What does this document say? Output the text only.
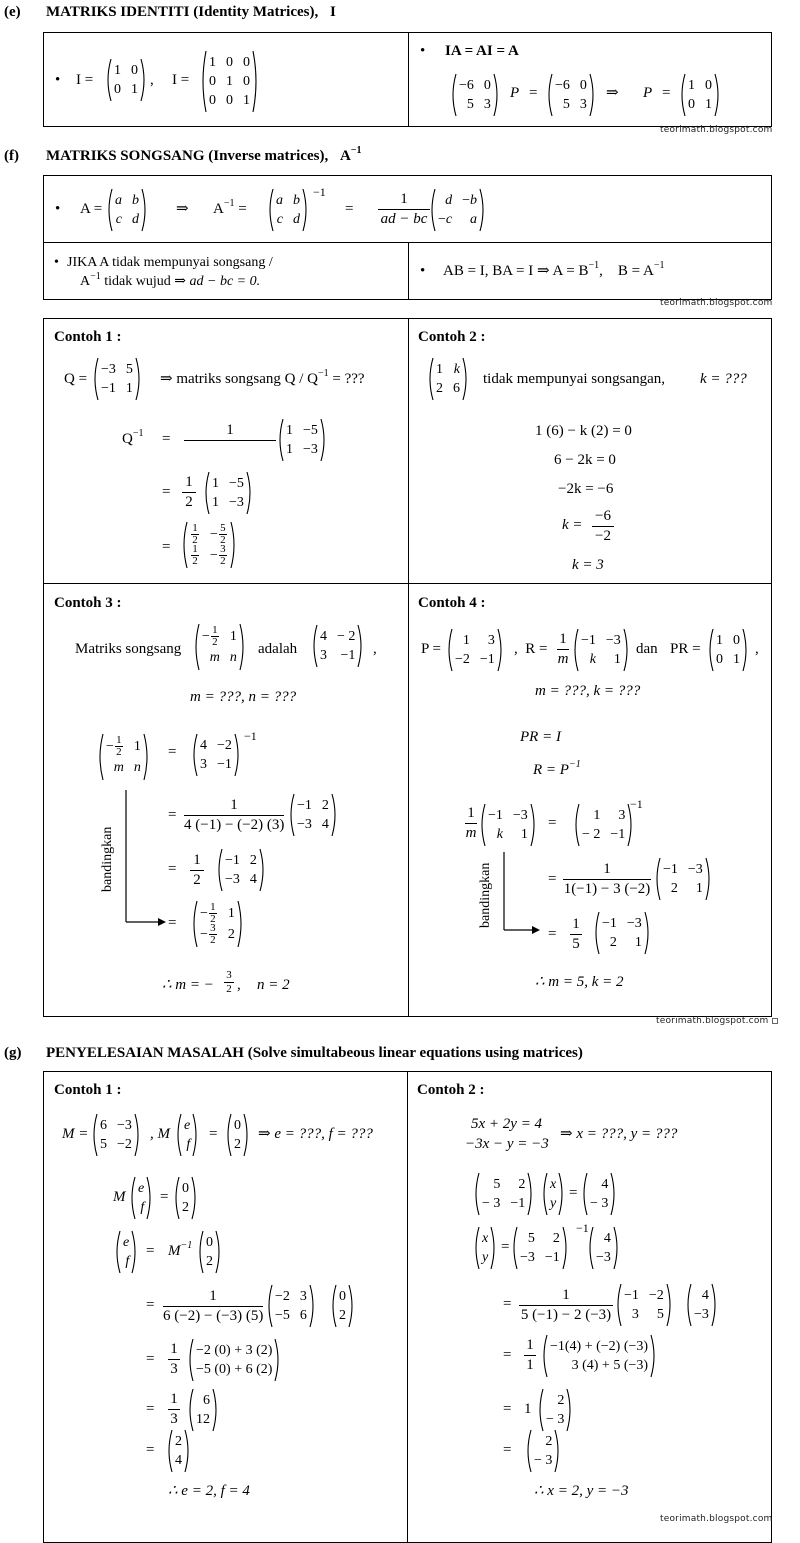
(e) MATRIKS IDENTITI (Identity Matrices), I
• I =
1 0
0 1
, I =
1 0 0
0 1 0
0 0 1
• IA = AI = A
−6 0
5 3
P = −6 0
5 3
⇒ P = 1 0
0 1
teorimath.blogspot.com
(f) MATRIKS SONGSANG (Inverse matrices), $A^{-1}$
• A =
a b
c d
⇒ $A^{-1}$ =
a b
c d
−1
=
1
ad − bc
d − b
− c a
• JIKA A tidak mempunyai songsang /
$A^{-1}$ tidak wujud ⇒ ad − bc = 0.
• AB = I, BA = I ⇒ $A = B^{-1}$,    $B = A^{-1}$
teorimath.blogspot.com
Contoh 1 :
Q =
−3 5
−1 1
⇒ matriks songsang Q / $Q^{-1}$ = ???
$Q^{-1}$ =
1	1 −5
1 −3
=
1
2
1 −5
1 −3
=
1
2 − 5
2
1
2 − 3
2
Contoh 2 :
1 k
2 6
tidak mempunyai songsangan, k = ???
1 (6) − k (2) = 0
6 − 2k = 0
−2k = −6
k =
−6
−2
k = 3
Contoh 3 :
Matriks songsang
− 1
2 1
m n adalah
4 − 2
3 −1 ,
m = ???, n = ???
− 1
2 1
m n
= 4 −2
3 −1
−1
=
1
4 (−1) − (−2) (3)
−1 2
−3 4
=
1
2
−1 2
−3 4
=
− 1
2 1
− 3
2 2
bandingkan
∴ m = −
3
2 , n = 2
Contoh 4 :
P =
1	3
−2 −1
,  R =
1
m
−1 −3
k	1
dan PR =
1 0
0 1
,
m = ???, k = ???
PR = I
$R = P^{-1}$
1
m
−1 −3
k	1
=	1	3
− 2 −1
−1
=
1
1(−1) − 3 (−2)
−1 −3
2	1
=
1
5
−1 −3
2	1
bandingkan
∴ m = 5, k = 2
teorimath.blogspot.com
(g) PENYELESAIAN MASALAH (Solve simultabeous linear equations using matrices)
Contoh 1 :
M =
6 −3
5 −2
, M
e
f
=
0
2
⇒ e = ???, f = ???
M
e
f
=
0
2
e
f
= $M^{-1}$ 0
2
=
1
6 (−2) − (−3) (5)
−2 3
−5 6
0
2
=
1
3
−2 (0) + 3 (2)
−5 (0) + 6 (2)
=
1
3
6
12
=
2
4
∴ e = 2, f = 4
Contoh 2 :
5x + 2y = 4
−3x − y = −3
⇒ x = ???, y = ???
5	2
− 3 −1
x
y
=
4
− 3
x
y
=
5	2
−3 −1
−1
4
−3
=
1
5 (−1) − 2 (−3)
−1 −2
3	5
4
−3
=
1
1
−1(4) + (−2) (−3)
3 (4) + 5 (−3)
= 1
2
− 3
=
2
− 3
∴ x = 2, y = −3
teorimath.blogspot.com
